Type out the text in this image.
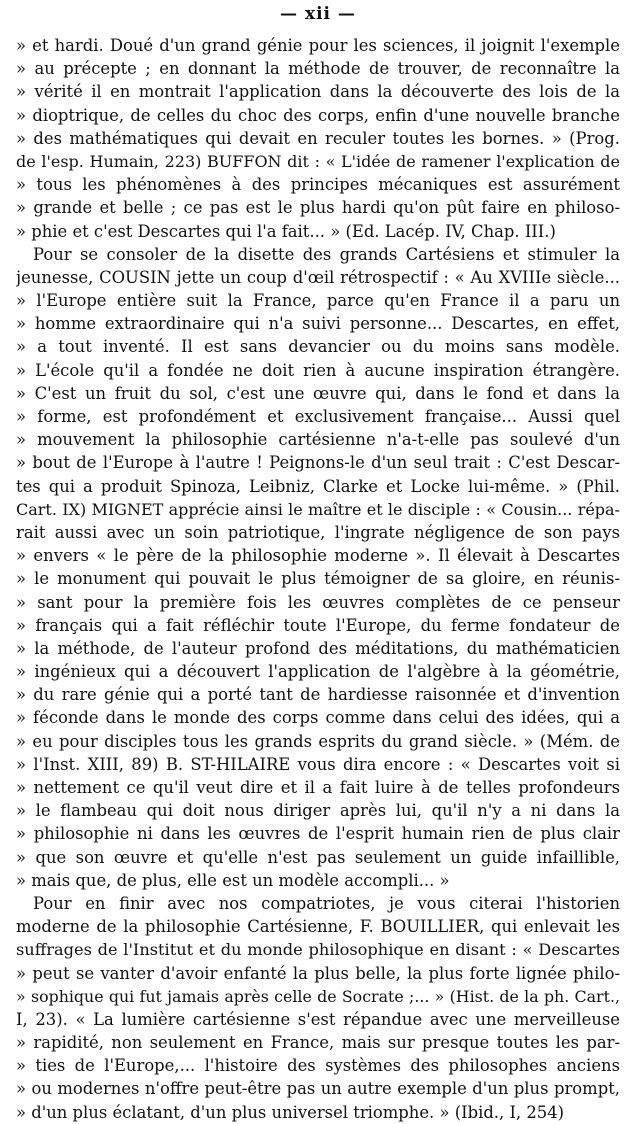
— xii —
» et hardi. Doué d'un grand génie pour les sciences, il joignit l'exemple
» au précepte ; en donnant la méthode de trouver, de reconnaître la
» vérité il en montrait l'application dans la découverte des lois de la
» dioptrique, de celles du choc des corps, enfin d'une nouvelle branche
» des mathématiques qui devait en reculer toutes les bornes. » (Prog.
de l'esp. Humain, 223) BUFFON dit : « L'idée de ramener l'explication de
» tous les phénomènes à des principes mécaniques est assurément
» grande et belle ; ce pas est le plus hardi qu'on pût faire en philoso-
» phie et c'est Descartes qui l'a fait... » (Ed. Lacép. IV, Chap. III.)
Pour se consoler de la disette des grands Cartésiens et stimuler la
jeunesse, COUSIN jette un coup d'œil rétrospectif : « Au XVIIIe siècle...
» l'Europe entière suit la France, parce qu'en France il a paru un
» homme extraordinaire qui n'a suivi personne... Descartes, en effet,
» a tout inventé. Il est sans devancier ou du moins sans modèle.
» L'école qu'il a fondée ne doit rien à aucune inspiration étrangère.
» C'est un fruit du sol, c'est une œuvre qui, dans le fond et dans la
» forme, est profondément et exclusivement française... Aussi quel
» mouvement la philosophie cartésienne n'a-t-elle pas soulevé d'un
» bout de l'Europe à l'autre ! Peignons-le d'un seul trait : C'est Descar-
tes qui a produit Spinoza, Leibniz, Clarke et Locke lui-même. » (Phil.
Cart. IX) MIGNET apprécie ainsi le maître et le disciple : « Cousin... répa-
rait aussi avec un soin patriotique, l'ingrate négligence de son pays
» envers « le père de la philosophie moderne ». Il élevait à Descartes
» le monument qui pouvait le plus témoigner de sa gloire, en réunis-
» sant pour la première fois les œuvres complètes de ce penseur
» français qui a fait réfléchir toute l'Europe, du ferme fondateur de
» la méthode, de l'auteur profond des méditations, du mathématicien
» ingénieux qui a découvert l'application de l'algèbre à la géométrie,
» du rare génie qui a porté tant de hardiesse raisonnée et d'invention
» féconde dans le monde des corps comme dans celui des idées, qui a
» eu pour disciples tous les grands esprits du grand siècle. » (Mém. de
» l'Inst. XIII, 89) B. ST-HILAIRE vous dira encore : « Descartes voit si
» nettement ce qu'il veut dire et il a fait luire à de telles profondeurs
» le flambeau qui doit nous diriger après lui, qu'il n'y a ni dans la
» philosophie ni dans les œuvres de l'esprit humain rien de plus clair
» que son œuvre et qu'elle n'est pas seulement un guide infaillible,
» mais que, de plus, elle est un modèle accompli... »
Pour en finir avec nos compatriotes, je vous citerai l'historien
moderne de la philosophie Cartésienne, F. BOUILLIER, qui enlevait les
suffrages de l'Institut et du monde philosophique en disant : « Descartes
» peut se vanter d'avoir enfanté la plus belle, la plus forte lignée philo-
» sophique qui fut jamais après celle de Socrate ;... » (Hist. de la ph. Cart.,
I, 23). « La lumière cartésienne s'est répandue avec une merveilleuse
» rapidité, non seulement en France, mais sur presque toutes les par-
» ties de l'Europe,... l'histoire des systèmes des philosophes anciens
» ou modernes n'offre peut-être pas un autre exemple d'un plus prompt,
» d'un plus éclatant, d'un plus universel triomphe. » (Ibid., I, 254)
